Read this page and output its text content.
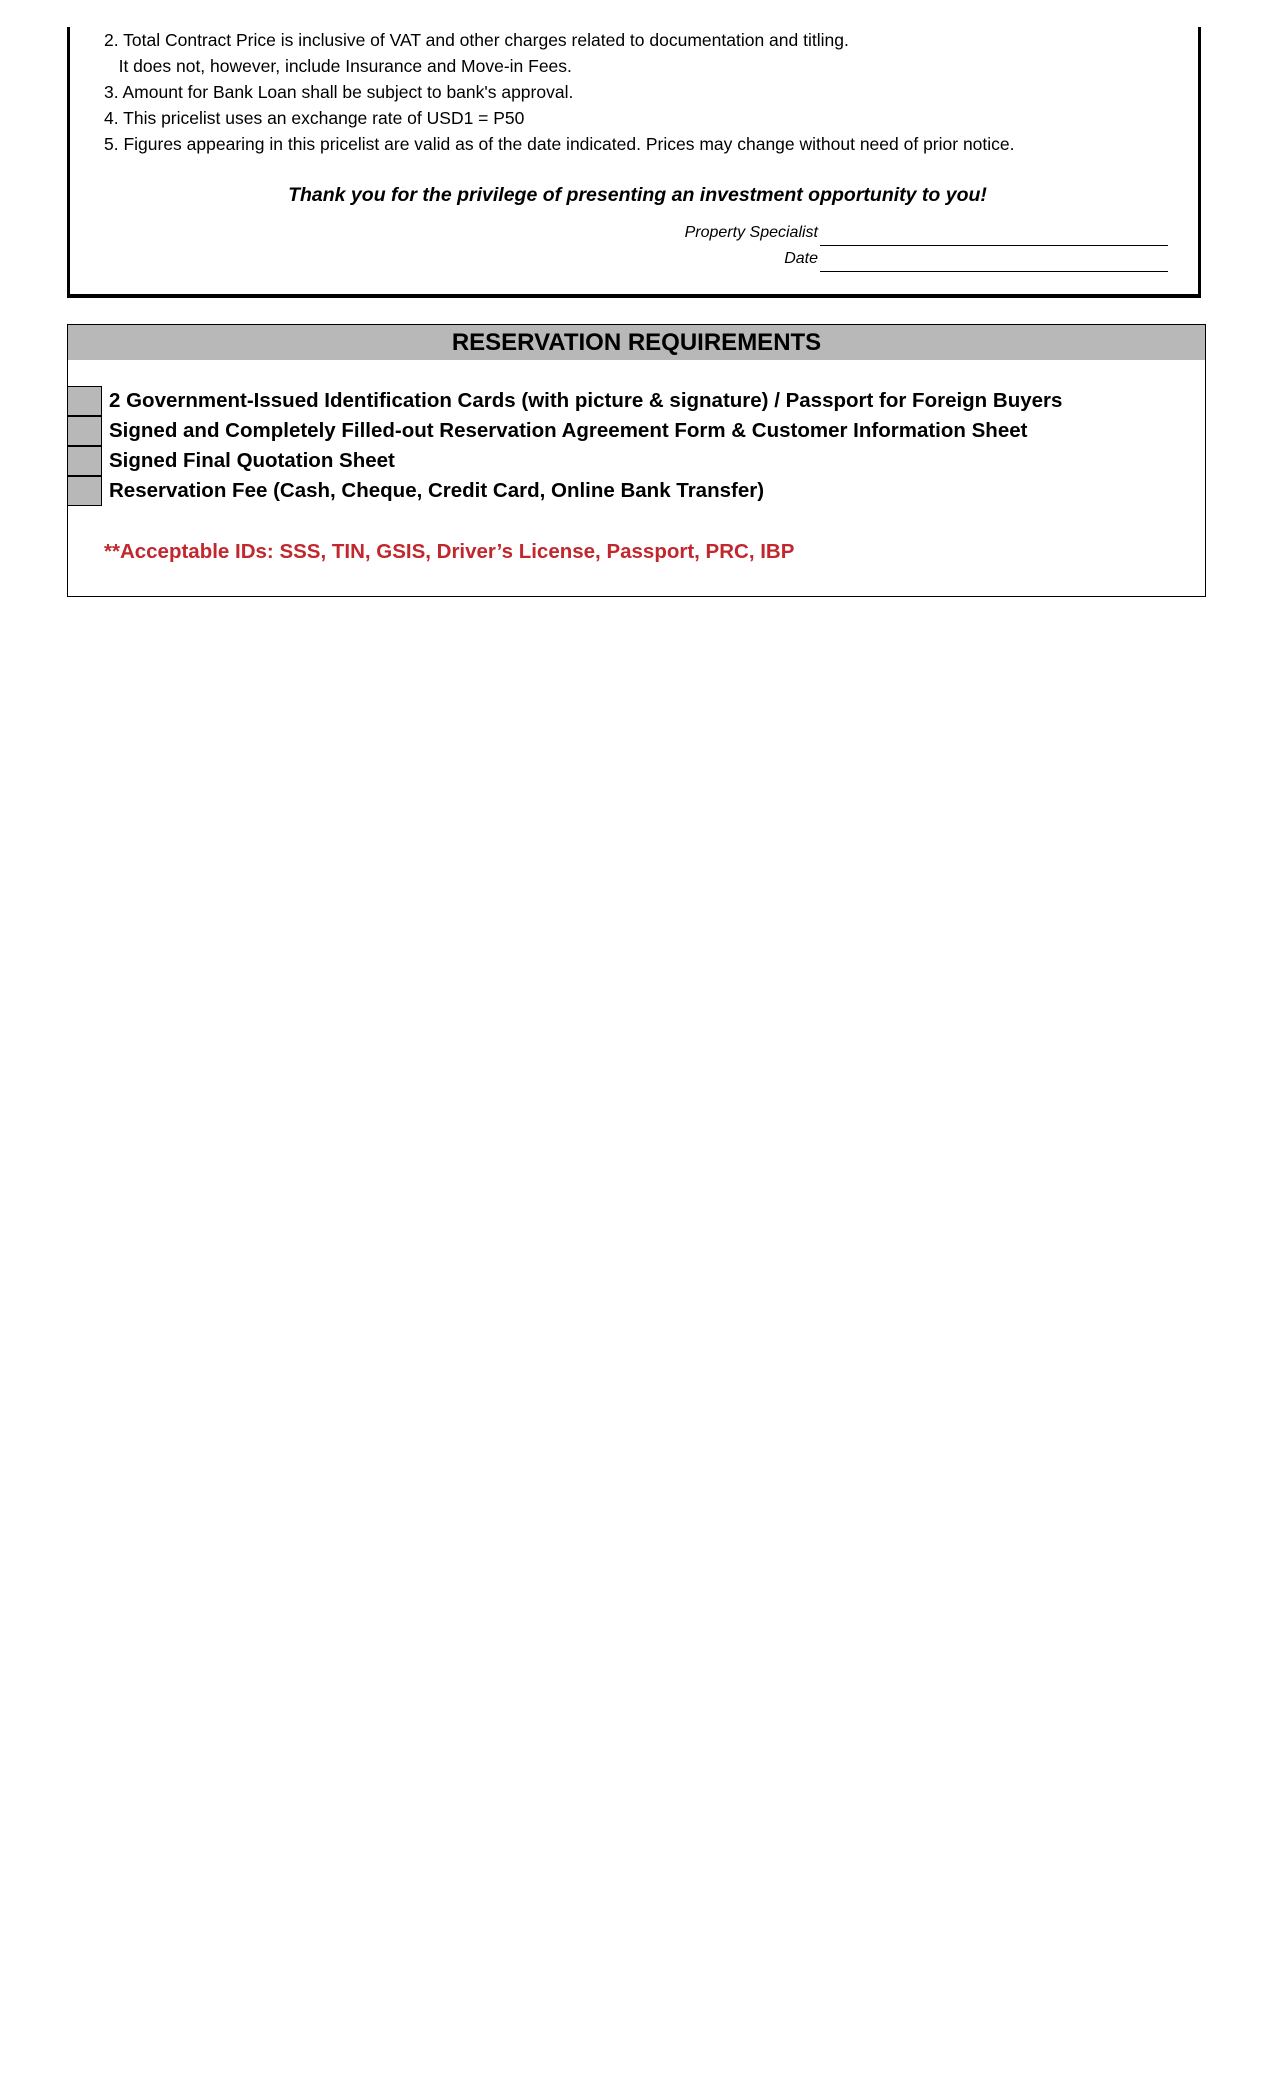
2. Total Contract Price is inclusive of VAT and other charges related to documentation and titling.
It does not, however, include Insurance and Move-in Fees.
3. Amount for Bank Loan shall be subject to bank's approval.
4. This pricelist uses an exchange rate of USD1 = P50
5. Figures appearing in this pricelist are valid as of the date indicated. Prices may change without need of prior notice.
Thank you for the privilege of presenting an investment opportunity to you!
Property Specialist
Date
RESERVATION REQUIREMENTS
2 Government-Issued Identification Cards (with picture & signature) / Passport for Foreign Buyers
Signed and Completely Filled-out Reservation Agreement Form & Customer Information Sheet
Signed Final Quotation Sheet
Reservation Fee (Cash, Cheque, Credit Card, Online Bank Transfer)
**Acceptable IDs: SSS, TIN, GSIS, Driver’s License, Passport, PRC, IBP
